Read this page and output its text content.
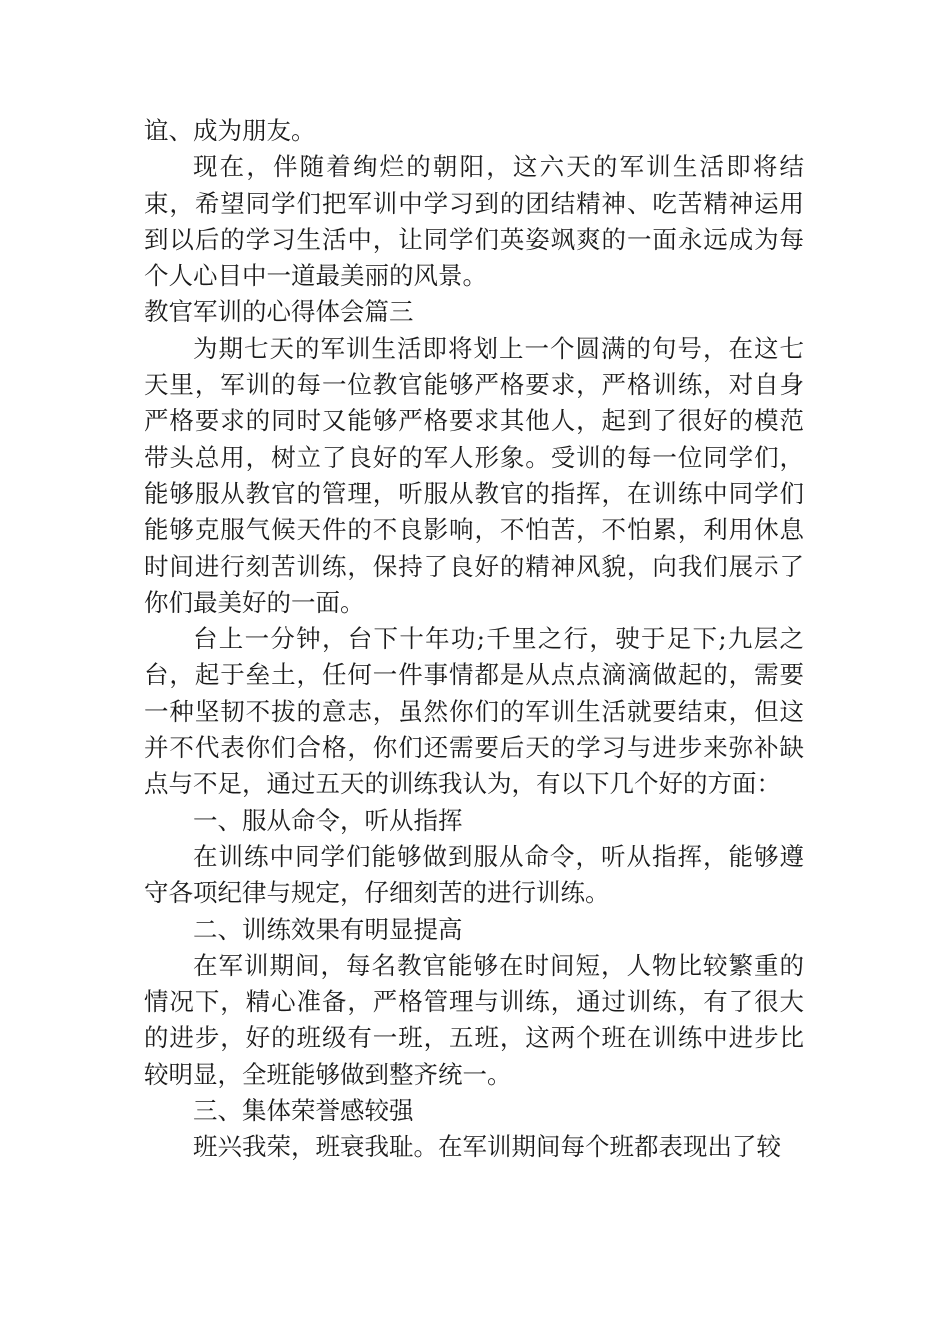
谊、成为朋友。

现在，伴随着绚烂的朝阳，这六天的军训生活即将结束，希望同学们把军训中学习到的团结精神、吃苦精神运用到以后的学习生活中，让同学们英姿飒爽的一面永远成为每个人心目中一道最美丽的风景。

教官军训的心得体会篇三

为期七天的军训生活即将划上一个圆满的句号，在这七天里，军训的每一位教官能够严格要求，严格训练，对自身严格要求的同时又能够严格要求其他人，起到了很好的模范带头总用，树立了良好的军人形象。受训的每一位同学们，能够服从教官的管理，听服从教官的指挥，在训练中同学们能够克服气候天件的不良影响，不怕苦，不怕累，利用休息时间进行刻苦训练，保持了良好的精神风貌，向我们展示了你们最美好的一面。

台上一分钟，台下十年功;千里之行，驶于足下;九层之台，起于垒土，任何一件事情都是从点点滴滴做起的，需要一种坚韧不拔的意志，虽然你们的军训生活就要结束，但这并不代表你们合格，你们还需要后天的学习与进步来弥补缺点与不足，通过五天的训练我认为，有以下几个好的方面：

一、服从命令，听从指挥

在训练中同学们能够做到服从命令，听从指挥，能够遵守各项纪律与规定，仔细刻苦的进行训练。

二、训练效果有明显提高

在军训期间，每名教官能够在时间短，人物比较繁重的情况下，精心准备，严格管理与训练，通过训练，有了很大的进步，好的班级有一班，五班，这两个班在训练中进步比较明显，全班能够做到整齐统一。

三、集体荣誉感较强

班兴我荣，班衰我耻。在军训期间每个班都表现出了较
